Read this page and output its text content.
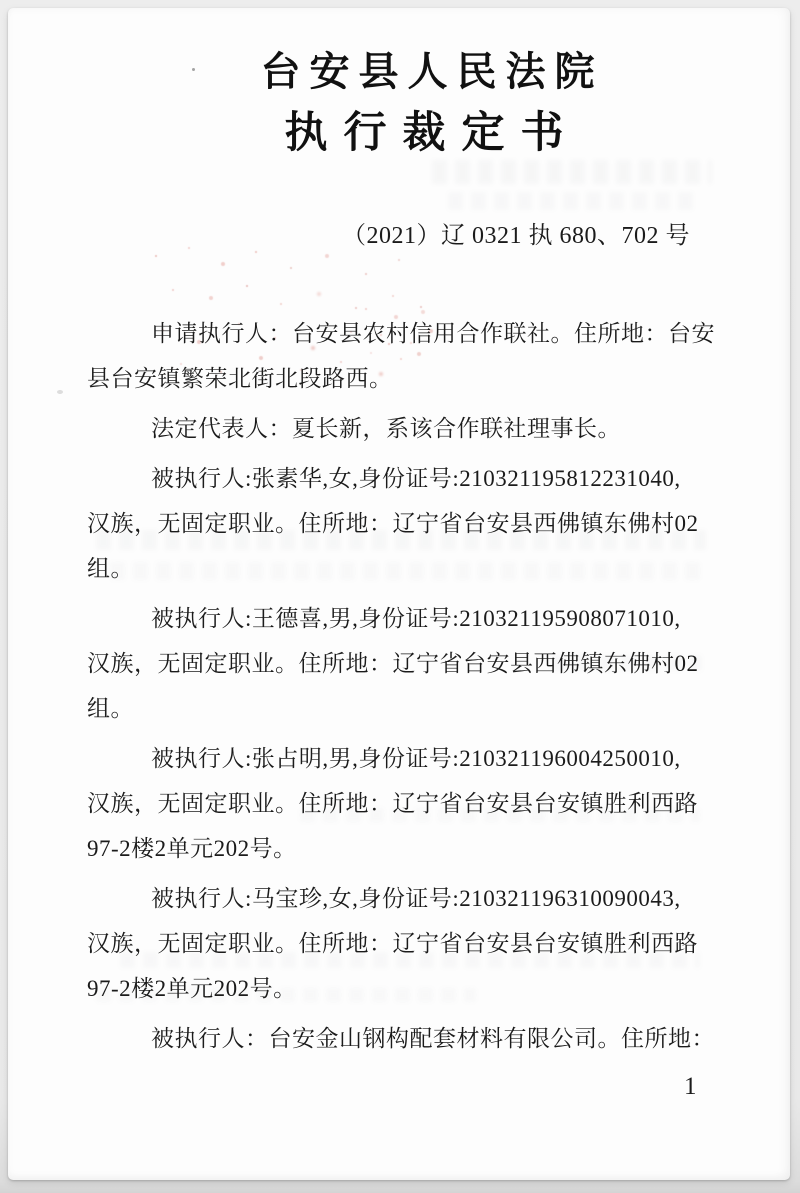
台安县人民法院
执行裁定书
（2021）辽 0321 执 680、702 号
申请执行人：台安县农村信用合作联社。住所地：台安
县台安镇繁荣北街北段路西。
法定代表人：夏长新，系该合作联社理事长。
被执行人:张素华,女,身份证号:210321195812231040,
汉族，无固定职业。住所地：辽宁省台安县西佛镇东佛村02
组。
被执行人:王德喜,男,身份证号:210321195908071010,
汉族，无固定职业。住所地：辽宁省台安县西佛镇东佛村02
组。
被执行人:张占明,男,身份证号:210321196004250010,
汉族，无固定职业。住所地：辽宁省台安县台安镇胜利西路
97-2楼2单元202号。
被执行人:马宝珍,女,身份证号:210321196310090043,
汉族，无固定职业。住所地：辽宁省台安县台安镇胜利西路
97-2楼2单元202号。
被执行人：台安金山钢构配套材料有限公司。住所地：
1
